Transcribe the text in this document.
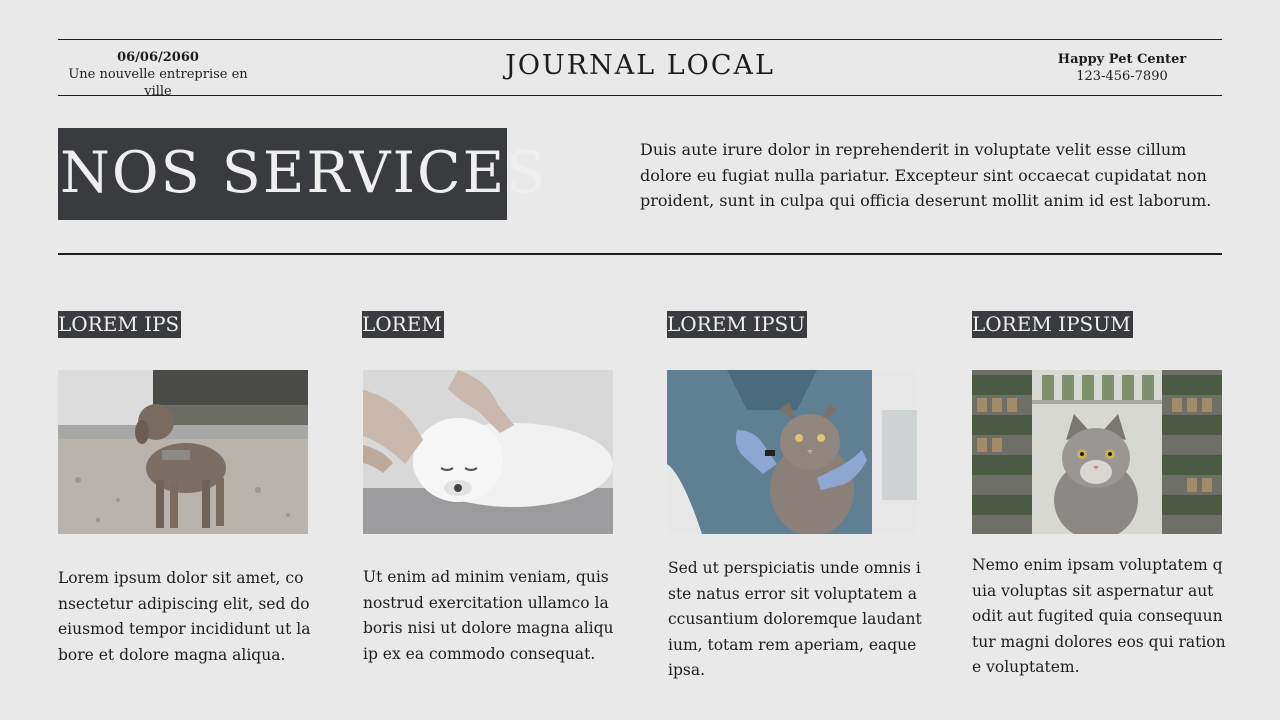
06/06/2060
Une nouvelle entreprise en ville
JOURNAL LOCAL	Happy Pet Center
123-456-7890
NOS SERVICES	Duis aute irure dolor in reprehenderit in voluptate velit esse cillum dolore eu fugiat nulla pariatur. Excepteur sint occaecat cupidatat non proident, sunt in culpa qui officia deserunt mollit anim id est laborum.
LOREM IPS
Lorem ipsum dolor sit amet, consectetur adipiscing elit, sed do eiusmod tempor incididunt ut labore et dolore magna aliqua.
LOREM
Ut enim ad minim veniam, quis nostrud exercitation ullamco laboris nisi ut dolore magna aliquip ex ea commodo consequat.
LOREM IPSU
Sed ut perspiciatis unde omnis iste natus error sit voluptatem accusantium doloremque laudantium, totam rem aperiam, eaque ipsa.
LOREM IPSUM
Nemo enim ipsam voluptatem quia voluptas sit aspernatur aut odit aut fugited quia consequuntur magni dolores eos qui ratione voluptatem.
